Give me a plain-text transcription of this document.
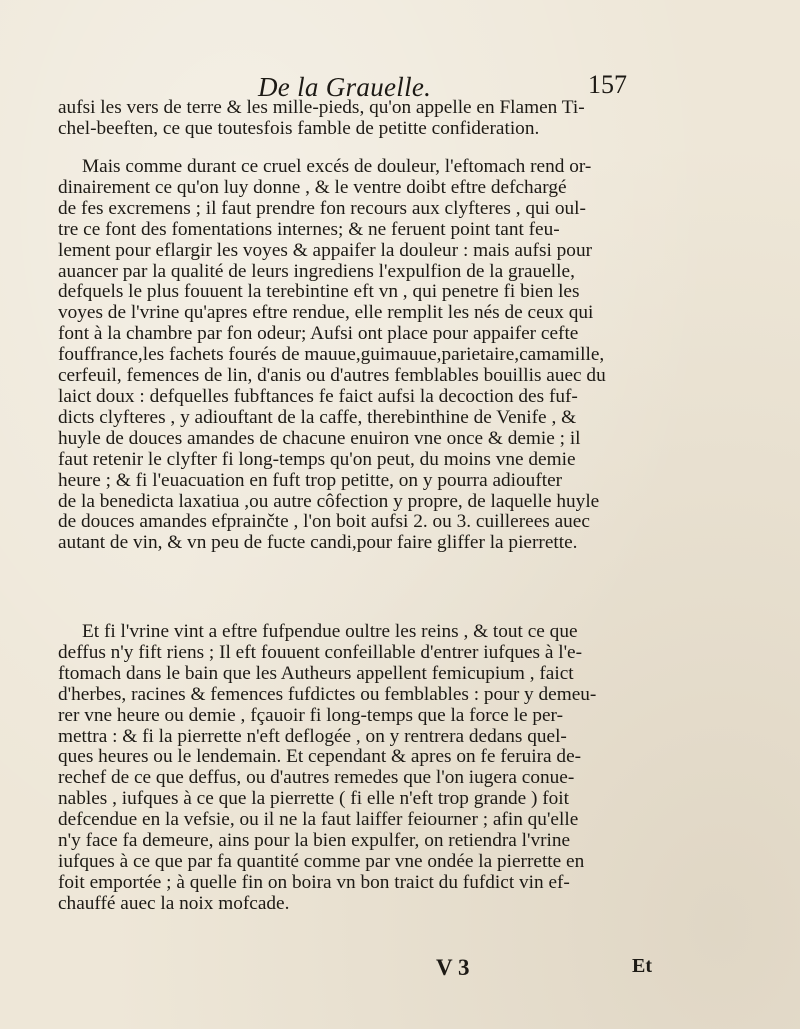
De la Grauelle.	157

aufsi les vers de terre & les mille-pieds, qu'on appelle en Flamen Ti-
chel-beeften, ce que toutesfois famble de petitte confideration.

Mais comme durant ce cruel excés de douleur, l'eftomach rend or-
dinairement ce qu'on luy donne , & le ventre doibt eftre defchargé
de fes excremens ; il faut prendre fon recours aux clyfteres , qui oul-
tre ce font des fomentations internes; & ne feruent point tant feu-
lement pour eflargir les voyes & appaifer la douleur : mais aufsi pour
auancer par la qualité de leurs ingrediens l'expulfion de la grauelle,
defquels le plus fouuent la terebintine eft vn , qui penetre fi bien les
voyes de l'vrine qu'apres eftre rendue, elle remplit les nés de ceux qui
font à la chambre par fon odeur; Aufsi ont place pour appaifer cefte
fouffrance,les fachets fourés de mauue,guimauue,parietaire,camamille,
cerfeuil, femences de lin, d'anis ou d'autres femblables bouillis auec du
laict doux : defquelles fubftances fe faict aufsi la decoction des fuf-
dicts clyfteres , y adiouftant de la caffe, therebinthine de Venife , &
huyle de douces amandes de chacune enuiron vne once & demie ; il
faut retenir le clyfter fi long-temps qu'on peut, du moins vne demie
heure ; & fi l'euacuation en fuft trop petitte, on y pourra adioufter
de la benedicta laxatiua ,ou autre côfection y propre, de laquelle huyle
de douces amandes efprainčte , l'on boit aufsi 2. ou 3. cuillerees auec
autant de vin, & vn peu de fucte candi,pour faire gliffer la pierrette.

Et fi l'vrine vint a eftre fufpendue oultre les reins , & tout ce que
deffus n'y fift riens ; Il eft fouuent confeillable d'entrer iufques à l'e-
ftomach dans le bain que les Autheurs appellent femicupium , faict
d'herbes, racines & femences fufdictes ou femblables : pour y demeu-
rer vne heure ou demie , fçauoir fi long-temps que la force le per-
mettra : & fi la pierrette n'eft deflogée , on y rentrera dedans quel-
ques heures ou le lendemain. Et cependant & apres on fe feruira de-
rechef de ce que deffus, ou d'autres remedes que l'on iugera conue-
nables , iufques à ce que la pierrette ( fi elle n'eft trop grande ) foit
defcendue en la vefsie, ou il ne la faut laiffer feiourner ; afin qu'elle
n'y face fa demeure, ains pour la bien expulfer, on retiendra l'vrine
iufques à ce que par fa quantité comme par vne ondée la pierrette en
foit emportée ; à quelle fin on boira vn bon traict du fufdict vin ef-
chauffé auec la noix mofcade.

V 3	Et
